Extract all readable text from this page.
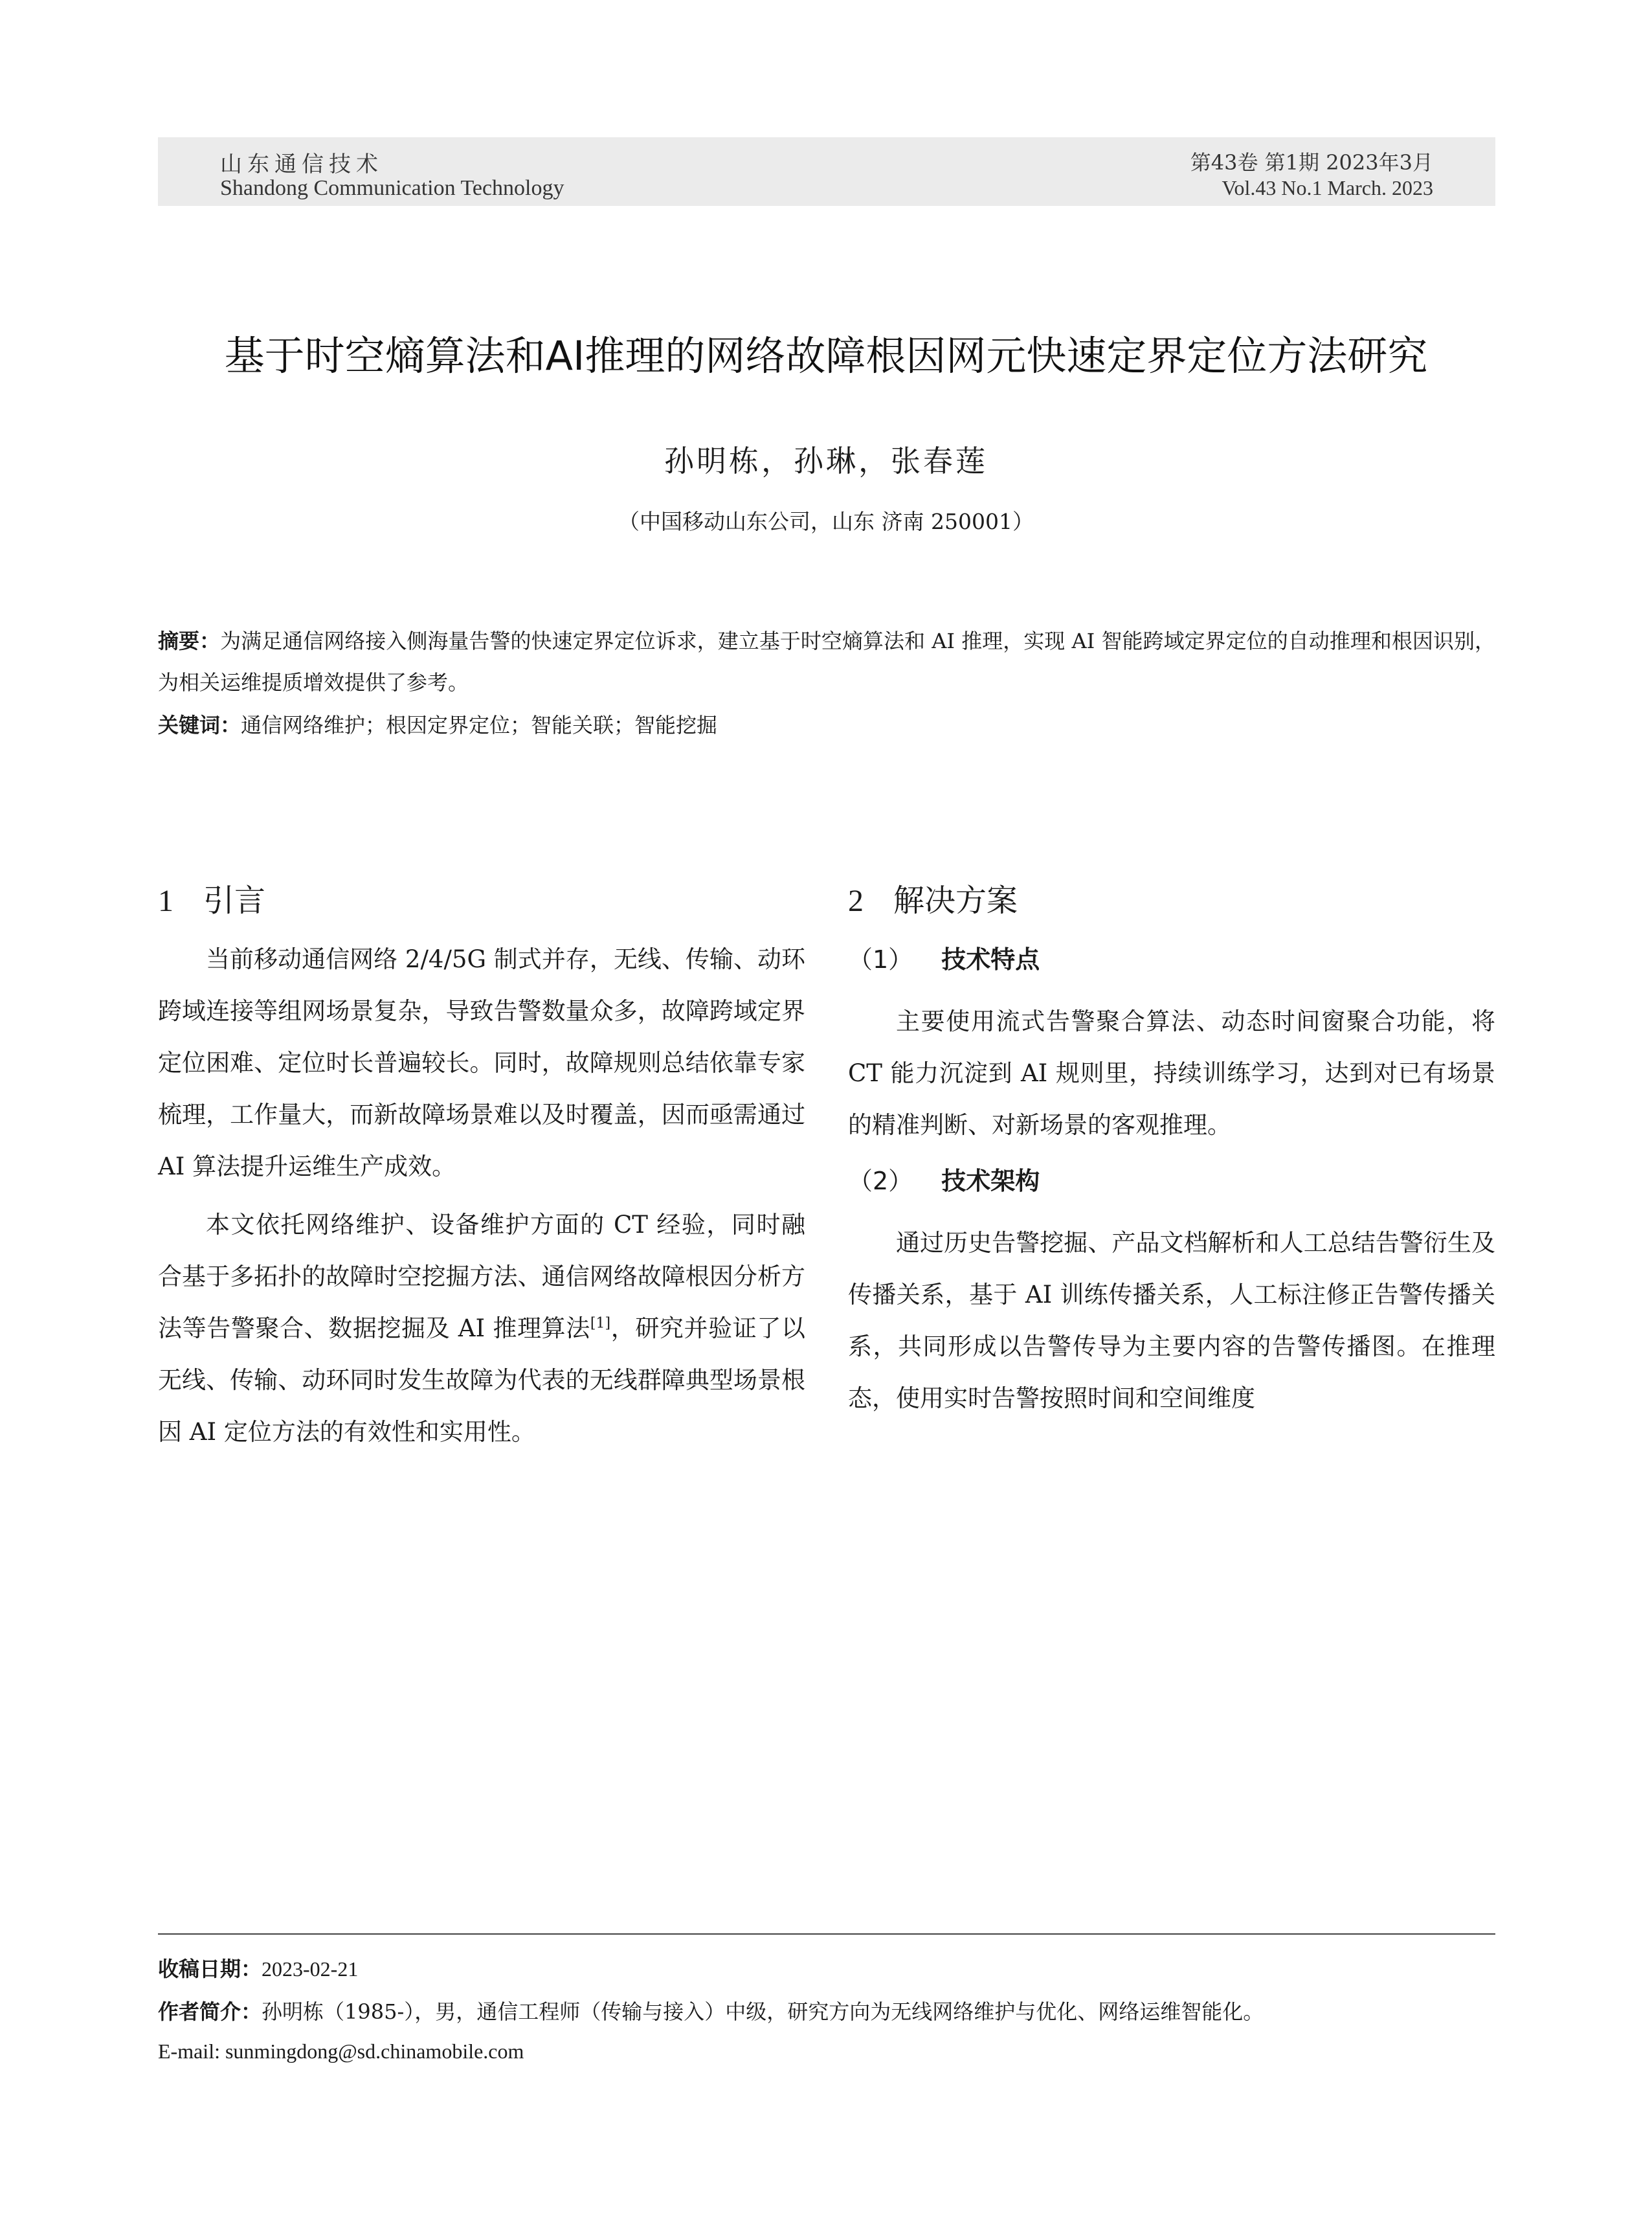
山东通信技术
Shandong Communication Technology
第43卷 第1期 2023年3月
Vol.43 No.1 March. 2023
基于时空熵算法和AI推理的网络故障根因网元快速定界定位方法研究
孙明栋，孙琳，张春莲
（中国移动山东公司，山东 济南 250001）
摘要：为满足通信网络接入侧海量告警的快速定界定位诉求，建立基于时空熵算法和 AI 推理，实现 AI 智能跨域定界定位的自动推理和根因识别，为相关运维提质增效提供了参考。
关键词：通信网络维护；根因定界定位；智能关联；智能挖掘
1 引言

当前移动通信网络 2/4/5G 制式并存，无线、传输、动环跨域连接等组网场景复杂，导致告警数量众多，故障跨域定界定位困难、定位时长普遍较长。同时，故障规则总结依靠专家梳理，工作量大，而新故障场景难以及时覆盖，因而亟需通过 AI 算法提升运维生产成效。

本文依托网络维护、设备维护方面的 CT 经验，同时融合基于多拓扑的故障时空挖掘方法、通信网络故障根因分析方法等告警聚合、数据挖掘及 AI 推理算法[1]，研究并验证了以无线、传输、动环同时发生故障为代表的无线群障典型场景根因 AI 定位方法的有效性和实用性。

2 解决方案
（1） 技术特点

主要使用流式告警聚合算法、动态时间窗聚合功能，将 CT 能力沉淀到 AI 规则里，持续训练学习，达到对已有场景的精准判断、对新场景的客观推理。

（2） 技术架构

通过历史告警挖掘、产品文档解析和人工总结告警衍生及传播关系，基于 AI 训练传播关系，人工标注修正告警传播关系，共同形成以告警传导为主要内容的告警传播图。在推理态，使用实时告警按照时间和空间维度

收稿日期：2023-02-21
作者简介：孙明栋（1985-），男，通信工程师（传输与接入）中级，研究方向为无线网络维护与优化、网络运维智能化。
E-mail: sunmingdong@sd.chinamobile.com
